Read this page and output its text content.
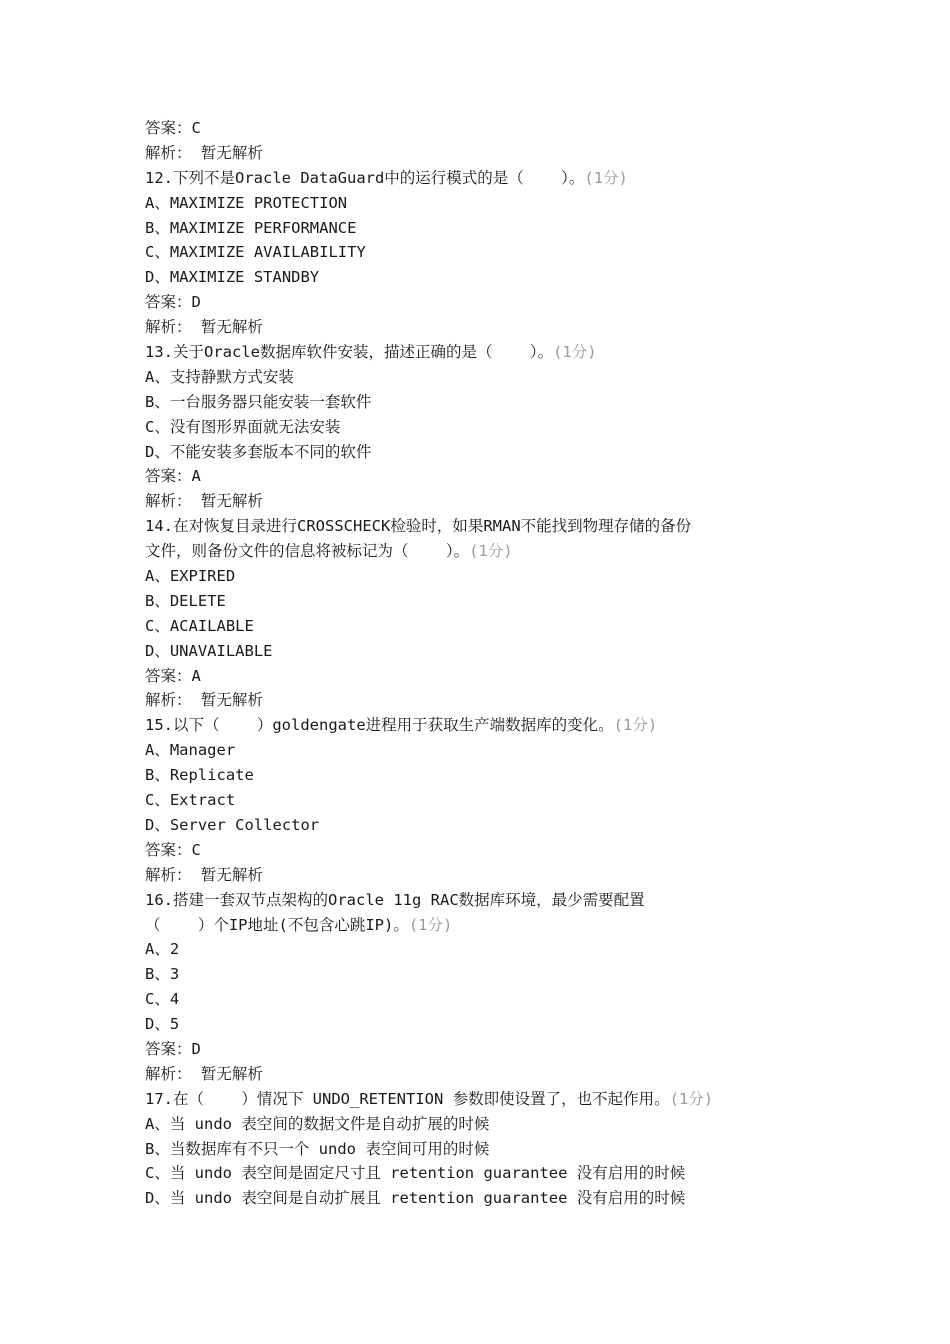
答案：C
解析： 暂无解析
12.下列不是Oracle DataGuard中的运行模式的是（    ）。(1分)
A、MAXIMIZE PROTECTION
B、MAXIMIZE PERFORMANCE
C、MAXIMIZE AVAILABILITY
D、MAXIMIZE STANDBY
答案：D
解析： 暂无解析
13.关于Oracle数据库软件安装，描述正确的是（    ）。(1分)
A、支持静默方式安装
B、一台服务器只能安装一套软件
C、没有图形界面就无法安装
D、不能安装多套版本不同的软件
答案：A
解析： 暂无解析
14.在对恢复目录进行CROSSCHECK检验时，如果RMAN不能找到物理存储的备份
文件，则备份文件的信息将被标记为（    ）。(1分)
A、EXPIRED
B、DELETE
C、ACAILABLE
D、UNAVAILABLE
答案：A
解析： 暂无解析
15.以下（    ）goldengate进程用于获取生产端数据库的变化。(1分)
A、Manager
B、Replicate
C、Extract
D、Server Collector
答案：C
解析： 暂无解析
16.搭建一套双节点架构的Oracle 11g RAC数据库环境，最少需要配置
（    ）个IP地址(不包含心跳IP)。(1分)
A、2
B、3
C、4
D、5
答案：D
解析： 暂无解析
17.在（    ）情况下 UNDO_RETENTION 参数即使设置了，也不起作用。(1分)
A、当 undo 表空间的数据文件是自动扩展的时候
B、当数据库有不只一个 undo 表空间可用的时候
C、当 undo 表空间是固定尺寸且 retention guarantee 没有启用的时候
D、当 undo 表空间是自动扩展且 retention guarantee 没有启用的时候
